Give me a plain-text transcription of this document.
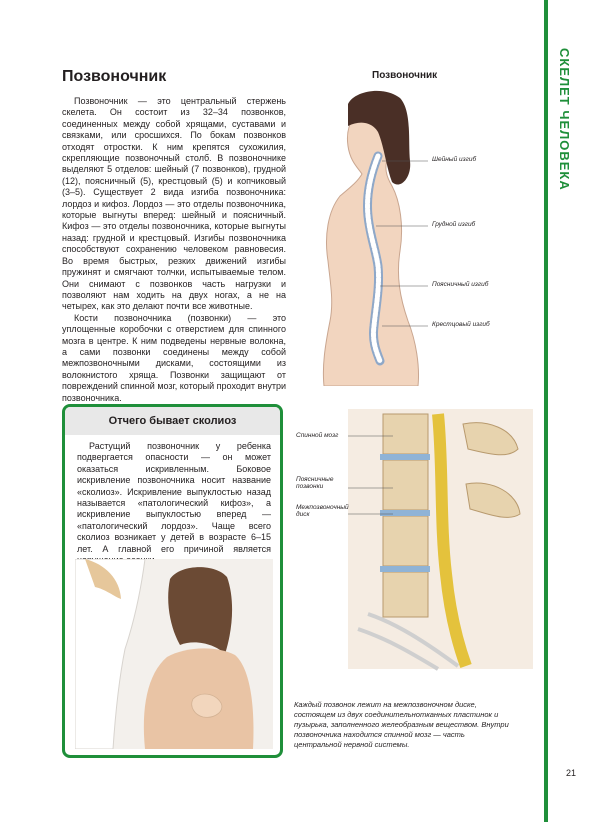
СКЕЛЕТ ЧЕЛОВЕКА
21
Позвоночник

Позвоночник — это центральный стержень скелета. Он состоит из 32–34 позвонков, соединенных между собой хрящами, суставами и связками, или сросшихся. По бокам позвонков отходят отростки. К ним крепятся сухожилия, скрепляющие позвоночный столб. В позвоночнике выделяют 5 отделов: шейный (7 позвонков), грудной (12), поясничный (5), крестцовый (5) и копчиковый (3–5). Существует 2 вида изгиба позвоночника: лордоз и кифоз. Лордоз — это отделы позвоночника, которые выгнуты вперед: шейный и поясничный. Кифоз — это отделы позвоночника, которые выгнуты назад: грудной и крестцовый. Изгибы позвоночника способствуют сохранению человеком равновесия. Во время быстрых, резких движений изгибы пружинят и смягчают толчки, испытываемые телом. Они снимают с позвонков часть нагрузки и позволяют нам ходить на двух ногах, а не на четырех, как это делают почти все животные.

Кости позвоночника (позвонки) — это уплощенные коробочки с отверстием для спинного мозга в центре. К ним подведены нервные волокна, а сами позвонки соединены между собой межпозвоночными дисками, состоящими из волокнистого хряща. Позвонки защищают от повреждений спинной мозг, который проходит внутри позвоночника.

Позвоночник
Шейный изгиб
Грудной изгиб
Поясничный изгиб
Крестцовый изгиб
Отчего бывает сколиоз

Растущий позвоночник у ребенка подвергается опасности — он может оказаться искривленным. Боковое искривление позвоночника носит название «сколиоз». Искривление выпуклостью назад называется «патологический кифоз», а искривление выпуклостью вперед — «патологический лордоз». Чаще всего сколиоз возникает у детей в возрасте 6–15 лет. А главной его причиной является

Спинной мозг
Поясничные позвонки
Межпозвоночный диск
Каждый позвонок лежит на межпозвоночном диске, состоящем из двух соединительнотканных пластинок и пузырька, заполненного желеобразным веществом. Внутри позвоночника находится спинной мозг — часть центральной нервной системы.
